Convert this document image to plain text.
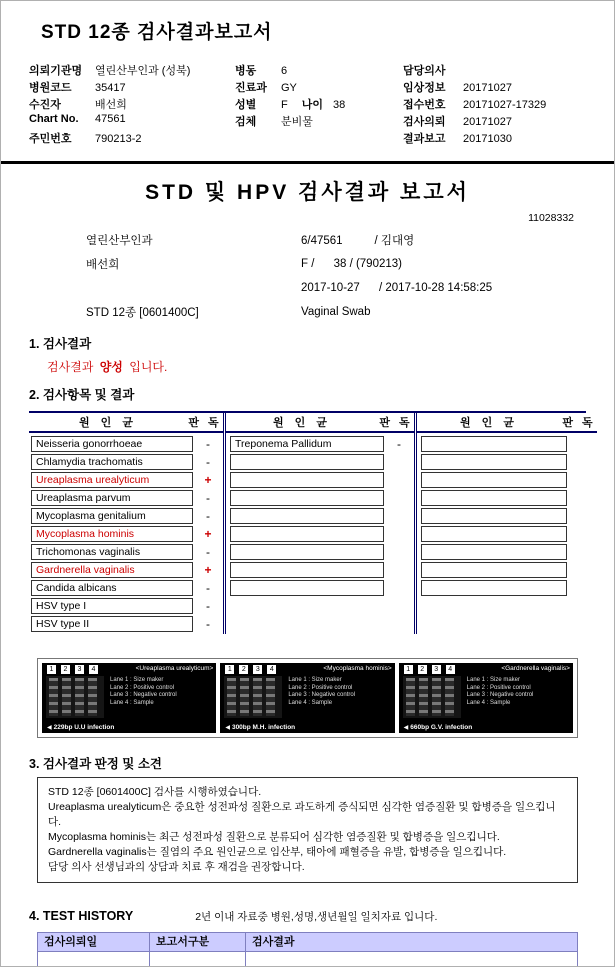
STD 12종 검사결과보고서
의뢰기관명	열린산부인과 (성북)
병원코드	35417
수진자	배선희
Chart No.	47561
주민번호	790213-2
병동	6
진료과	GY
성별	F 나이 38
검체	분비물
담당의사
임상정보	20171027
접수번호	20171027-17329
검사의뢰	20171027
결과보고	20171030
STD 및 HPV 검사결과 보고서
11028332
열린산부인과	6/47561          / 김대영
배선희	F /      38 / (790213)
2017-10-27      / 2017-10-28 14:58:25
STD 12종 [0601400C]	Vaginal Swab
1. 검사결과
검사결과 양성 입니다.
2. 검사항목 및 결과
원 인 균	판 독
Neisseria gonorrhoeae	-
Chlamydia trachomatis	-
Ureaplasma urealyticum	+
Ureaplasma parvum	-
Mycoplasma genitalium	-
Mycoplasma hominis	+
Trichomonas vaginalis	-
Gardnerella vaginalis	+
Candida albicans	-
HSV type I	-
HSV type II	-
원 인 균	판 독
Treponema Pallidum	-
원 인 균	판 독
1	2	3	4	<Ureaplasma urealyticum>
Lane 1 : Size maker
Lane 2 : Positive control
Lane 3 : Negative control
Lane 4 : Sample
◀ 229bp U.U infection
1	2	3	4	<Mycoplasma hominis>
Lane 1 : Size maker
Lane 2 : Positive control
Lane 3 : Negative control
Lane 4 : Sample
◀ 300bp M.H. infection
1	2	3	4	<Gardnerella vaginalis>
Lane 1 : Size maker
Lane 2 : Positive control
Lane 3 : Negative control
Lane 4 : Sample
◀ 660bp G.V. infection
3. 검사결과 판정 및 소견
STD 12종 [0601400C] 검사를 시행하였습니다.
Ureaplasma urealyticum은 중요한 성전파성 질환으로 과도하게 증식되면 심각한 염증질환 및 합병증을 일으킵니다.
Mycoplasma hominis는 최근 성전파성 질환으로 분류되어 심각한 염증질환 및 합병증을 일으킵니다.
Gardnerella vaginalis는 질염의 주요 원인균으로 임산부, 태아에 패혈증을 유발, 합병증을 일으킵니다.
담당 의사 선생님과의 상담과 치료 후 재검을 권장합니다.
4. TEST HISTORY	2년 이내 자료중 병원,성명,생년월일 일치자료 입니다.
검사의뢰일	보고서구분	검사결과
